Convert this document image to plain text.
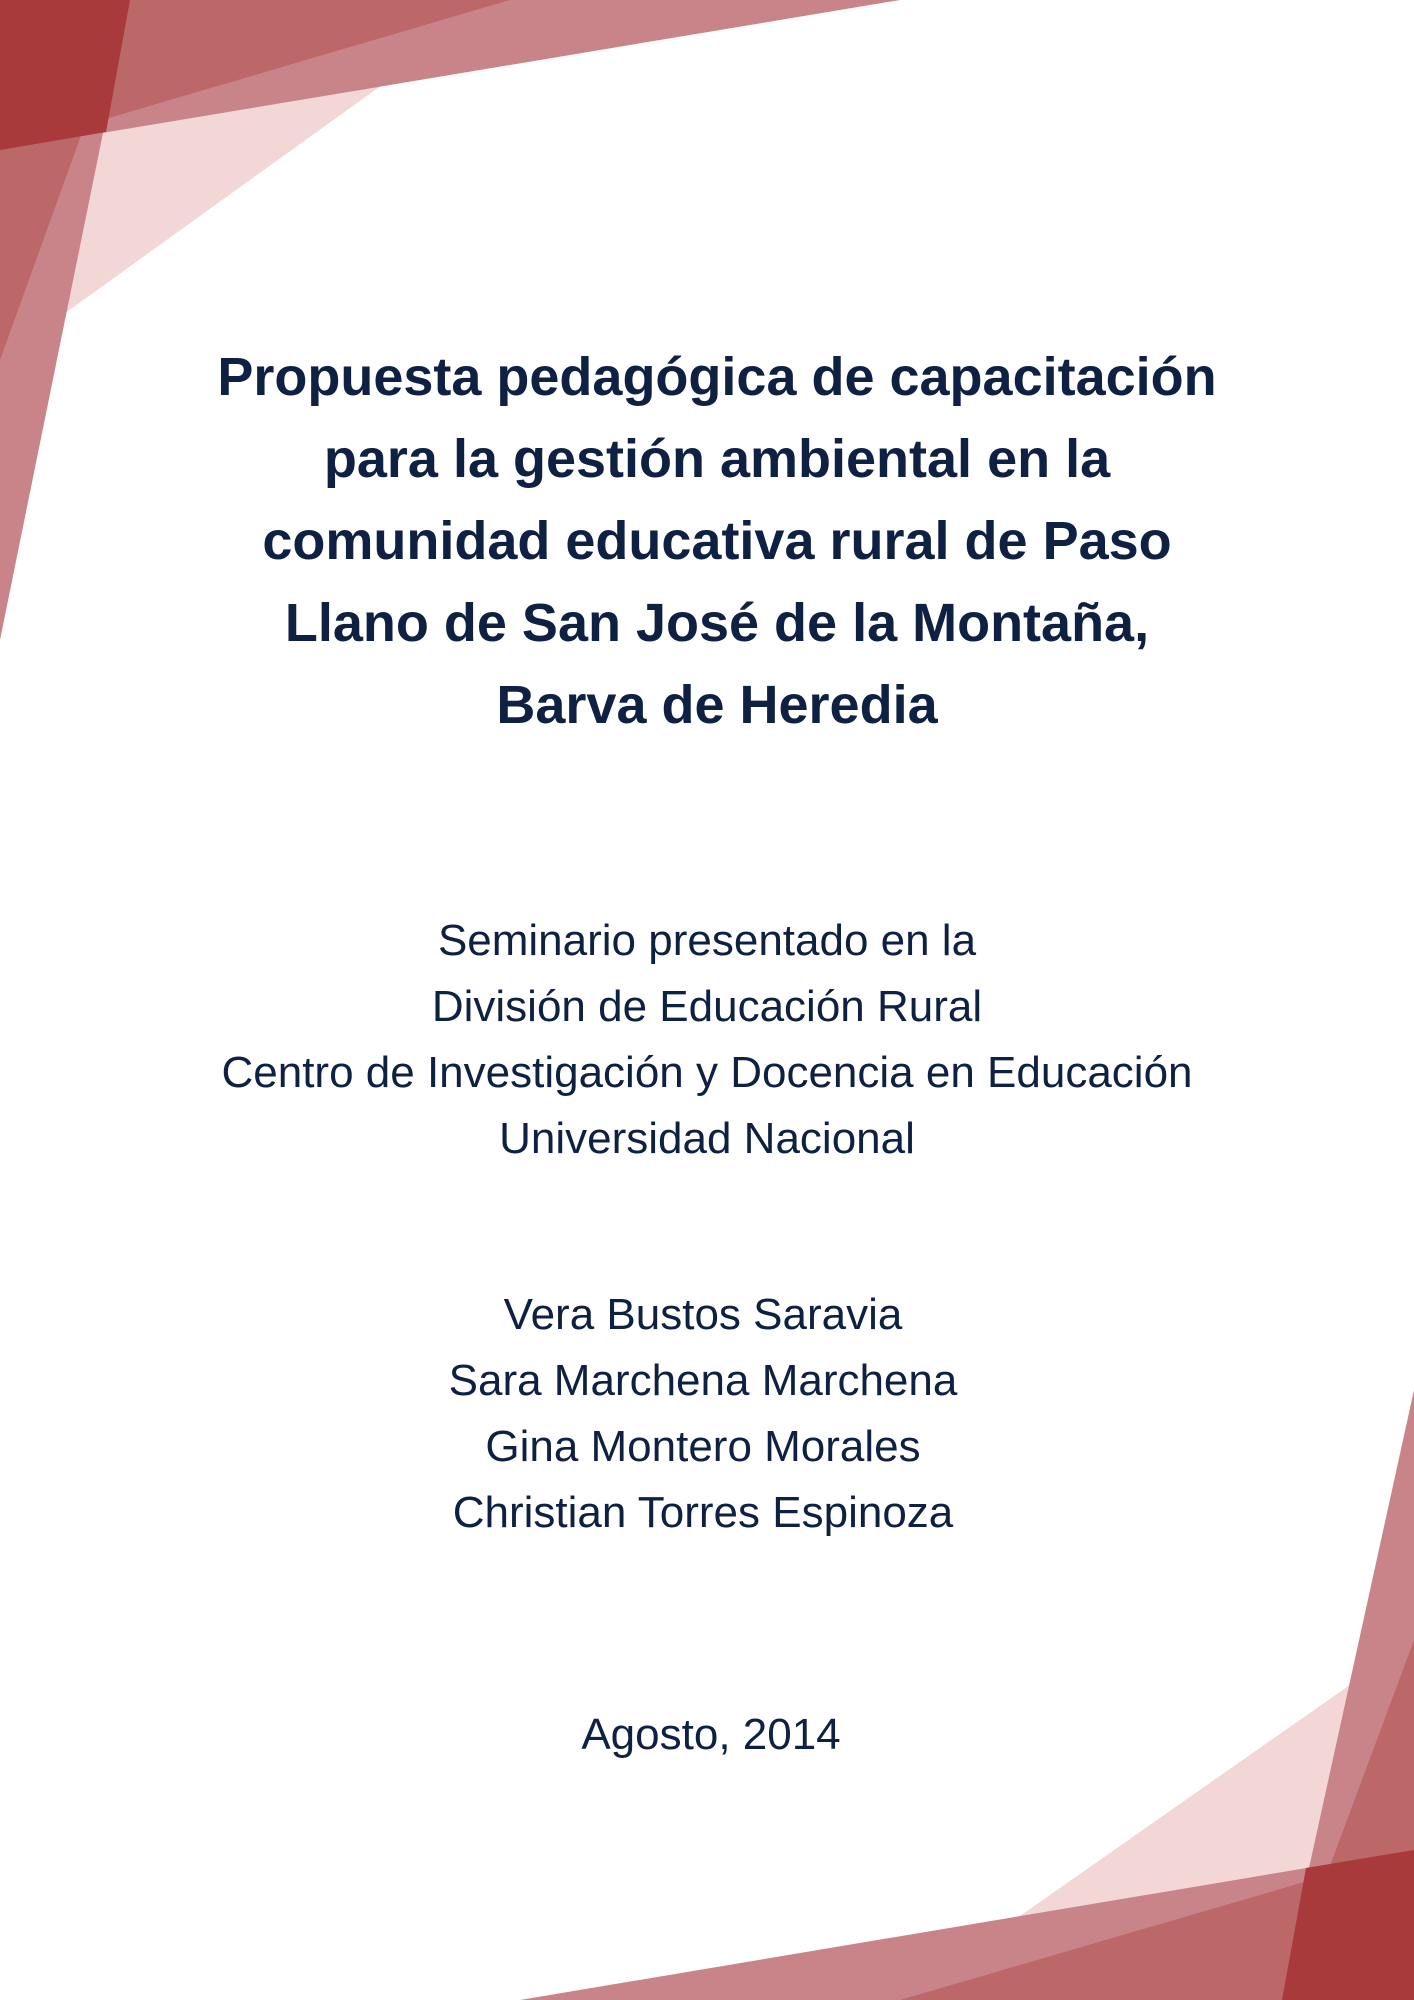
Propuesta pedagógica de capacitación
para la gestión ambiental en la
comunidad educativa rural de Paso
Llano de San José de la Montaña,
Barva de Heredia
Seminario presentado en la
División de Educación Rural
Centro de Investigación y Docencia en Educación
Universidad Nacional
Vera Bustos Saravia
Sara Marchena Marchena
Gina Montero Morales
Christian Torres Espinoza
Agosto, 2014
